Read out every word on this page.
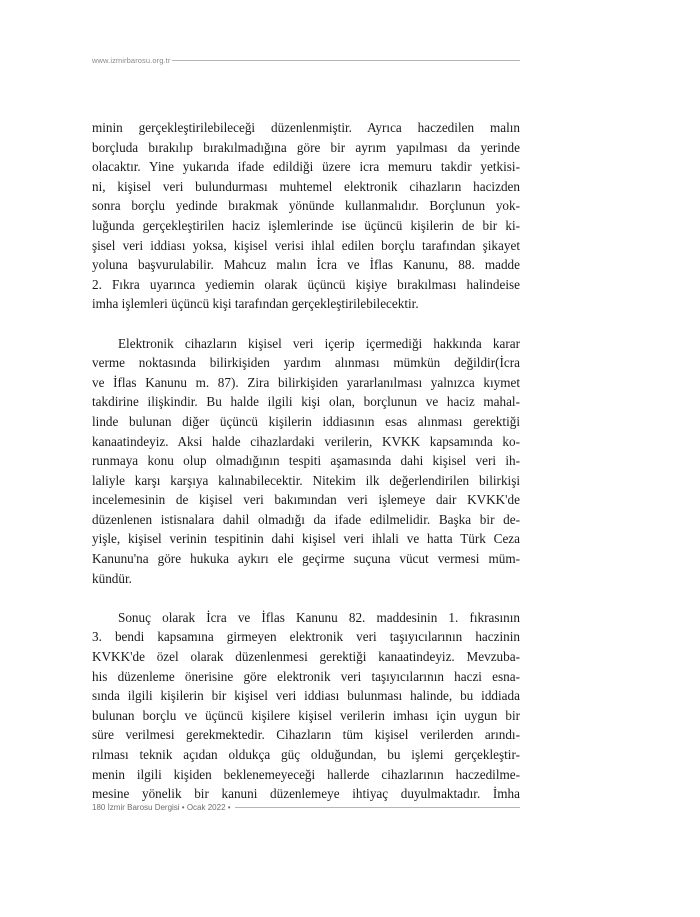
www.izmirbarosu.org.tr
minin gerçekleştirilebileceği düzenlenmiştir. Ayrıca haczedilen malın
borçluda bırakılıp bırakılmadığına göre bir ayrım yapılması da yerinde
olacaktır. Yine yukarıda ifade edildiği üzere icra memuru takdir yetkisi-
ni, kişisel veri bulundurması muhtemel elektronik cihazların hacizden
sonra borçlu yedinde bırakmak yönünde kullanmalıdır. Borçlunun yok-
luğunda gerçekleştirilen haciz işlemlerinde ise üçüncü kişilerin de bir ki-
şisel veri iddiası yoksa, kişisel verisi ihlal edilen borçlu tarafından şikayet
yoluna başvurulabilir. Mahcuz malın İcra ve İflas Kanunu, 88. madde
2. Fıkra uyarınca yediemin olarak üçüncü kişiye bırakılması halindeise
imha işlemleri üçüncü kişi tarafından gerçekleştirilebilecektir.
Elektronik cihazların kişisel veri içerip içermediği hakkında karar
verme noktasında bilirkişiden yardım alınması mümkün değildir(İcra
ve İflas Kanunu m. 87). Zira bilirkişiden yararlanılması yalnızca kıymet
takdirine ilişkindir. Bu halde ilgili kişi olan, borçlunun ve haciz mahal-
linde bulunan diğer üçüncü kişilerin iddiasının esas alınması gerektiği
kanaatindeyiz. Aksi halde cihazlardaki verilerin, KVKK kapsamında ko-
runmaya konu olup olmadığının tespiti aşamasında dahi kişisel veri ih-
laliyle karşı karşıya kalınabilecektir. Nitekim ilk değerlendirilen bilirkişi
incelemesinin de kişisel veri bakımından veri işlemeye dair KVKK'de
düzenlenen istisnalara dahil olmadığı da ifade edilmelidir. Başka bir de-
yişle, kişisel verinin tespitinin dahi kişisel veri ihlali ve hatta Türk Ceza
Kanunu'na göre hukuka aykırı ele geçirme suçuna vücut vermesi müm-
kündür.
Sonuç olarak İcra ve İflas Kanunu 82. maddesinin 1. fıkrasının
3. bendi kapsamına girmeyen elektronik veri taşıyıcılarının haczinin
KVKK'de özel olarak düzenlenmesi gerektiği kanaatindeyiz. Mevzuba-
his düzenleme önerisine göre elektronik veri taşıyıcılarının haczi esna-
sında ilgili kişilerin bir kişisel veri iddiası bulunması halinde, bu iddiada
bulunan borçlu ve üçüncü kişilere kişisel verilerin imhası için uygun bir
süre verilmesi gerekmektedir. Cihazların tüm kişisel verilerden arındı-
rılması teknik açıdan oldukça güç olduğundan, bu işlemi gerçekleştir-
menin ilgili kişiden beklenemeyeceği hallerde cihazlarının haczedilme-
mesine yönelik bir kanuni düzenlemeye ihtiyaç duyulmaktadır. İmha
180 İzmir Barosu Dergisi • Ocak 2022 •
